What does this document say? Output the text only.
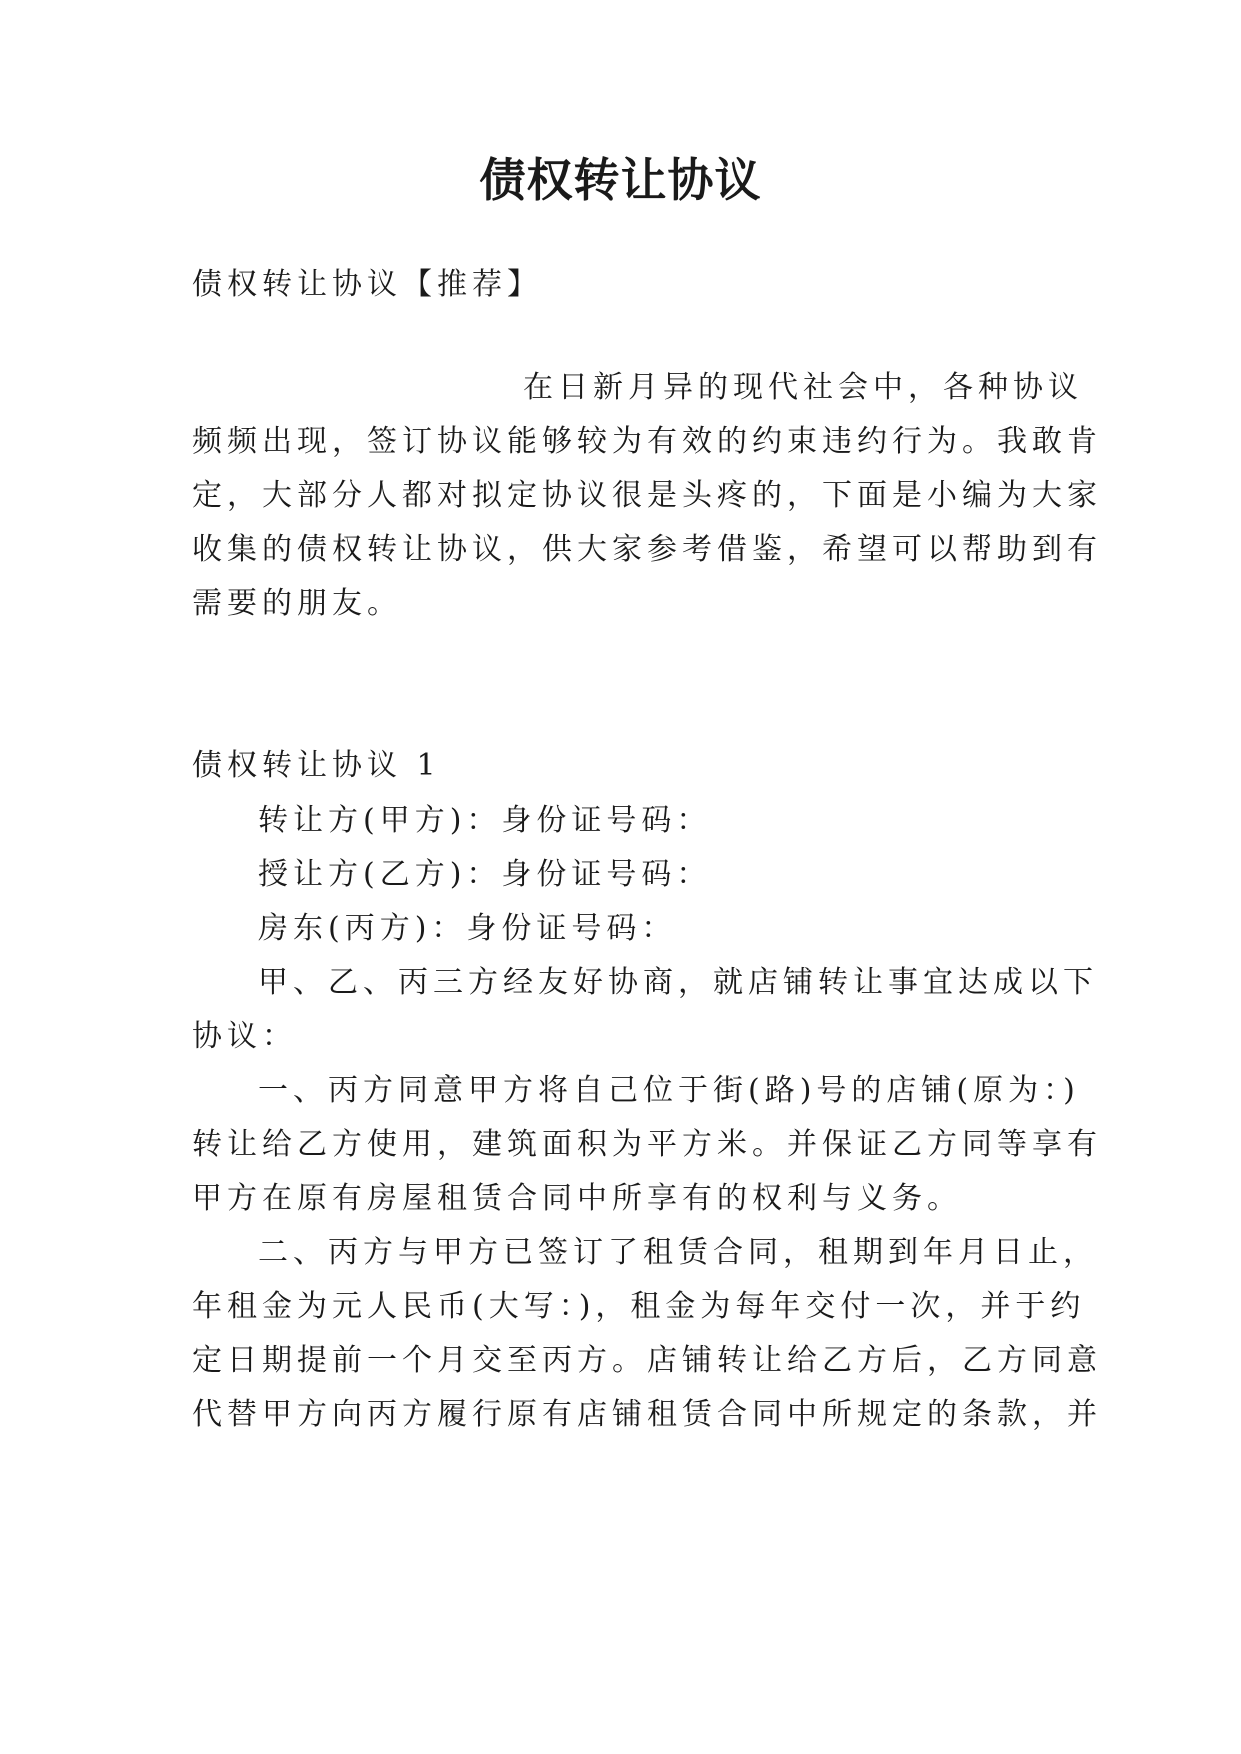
债权转让协议

债权转让协议【推荐】

在日新月异的现代社会中，各种协议

频频出现，签订协议能够较为有效的约束违约行为。我敢肯

定，大部分人都对拟定协议很是头疼的，下面是小编为大家

收集的债权转让协议，供大家参考借鉴，希望可以帮助到有

需要的朋友。

债权转让协议 1

转让方(甲方)：身份证号码：

授让方(乙方)：身份证号码：

房东(丙方)：身份证号码：

甲、乙、丙三方经友好协商，就店铺转让事宜达成以下

协议：

一、丙方同意甲方将自己位于街(路)号的店铺(原为：)

转让给乙方使用，建筑面积为平方米。并保证乙方同等享有

甲方在原有房屋租赁合同中所享有的权利与义务。

二、丙方与甲方已签订了租赁合同，租期到年月日止，

年租金为元人民币(大写：)，租金为每年交付一次，并于约

定日期提前一个月交至丙方。店铺转让给乙方后，乙方同意

代替甲方向丙方履行原有店铺租赁合同中所规定的条款，并
